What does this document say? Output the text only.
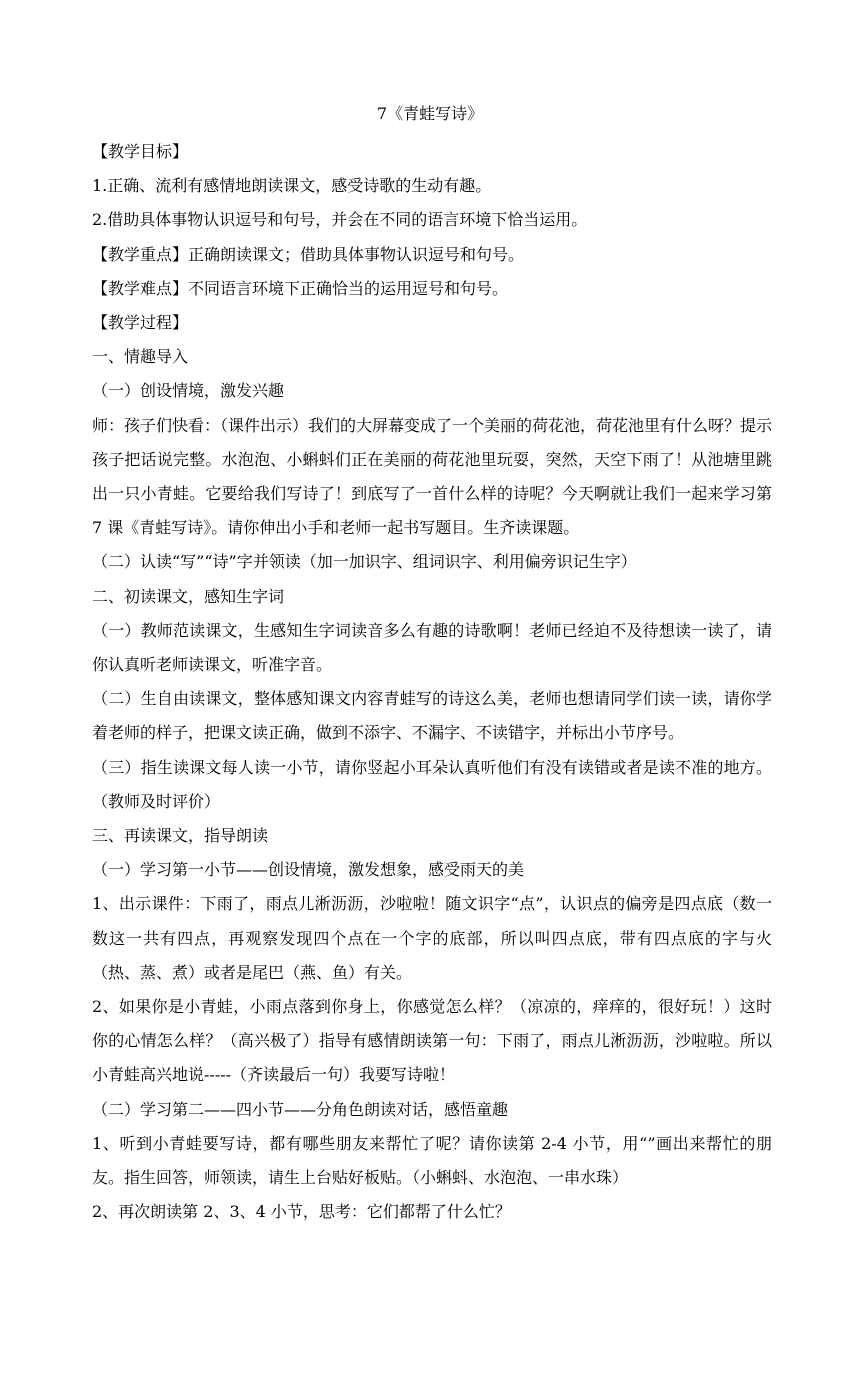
7《青蛙写诗》

【教学目标】

1.正确、流利有感情地朗读课文，感受诗歌的生动有趣。

2.借助具体事物认识逗号和句号，并会在不同的语言环境下恰当运用。

【教学重点】正确朗读课文；借助具体事物认识逗号和句号。

【教学难点】不同语言环境下正确恰当的运用逗号和句号。

【教学过程】

一、情趣导入

（一）创设情境，激发兴趣

师：孩子们快看：（课件出示）我们的大屏幕变成了一个美丽的荷花池，荷花池里有什么呀？提示孩子把话说完整。水泡泡、小蝌蚪们正在美丽的荷花池里玩耍，突然，天空下雨了！从池塘里跳出一只小青蛙。它要给我们写诗了！到底写了一首什么样的诗呢？今天啊就让我们一起来学习第 7 课《青蛙写诗》。请你伸出小手和老师一起书写题目。生齐读课题。

（二）认读“写”“诗”字并领读（加一加识字、组词识字、利用偏旁识记生字）

二、初读课文，感知生字词

（一）教师范读课文，生感知生字词读音多么有趣的诗歌啊！老师已经迫不及待想读一读了，请你认真听老师读课文，听准字音。

（二）生自由读课文，整体感知课文内容青蛙写的诗这么美，老师也想请同学们读一读，请你学着老师的样子，把课文读正确，做到不添字、不漏字、不读错字，并标出小节序号。

（三）指生读课文每人读一小节，请你竖起小耳朵认真听他们有没有读错或者是读不准的地方。（教师及时评价）

三、再读课文，指导朗读

（一）学习第一小节——创设情境，激发想象，感受雨天的美

1、出示课件：下雨了，雨点儿淅沥沥，沙啦啦！随文识字“点”，认识点的偏旁是四点底（数一数这一共有四点，再观察发现四个点在一个字的底部，所以叫四点底，带有四点底的字与火（热、蒸、煮）或者是尾巴（燕、鱼）有关。

2、如果你是小青蛙，小雨点落到你身上，你感觉怎么样？（凉凉的，痒痒的，很好玩！）这时你的心情怎么样？（高兴极了）指导有感情朗读第一句：下雨了，雨点儿淅沥沥，沙啦啦。所以小青蛙高兴地说-----（齐读最后一句）我要写诗啦！

（二）学习第二——四小节——分角色朗读对话，感悟童趣

1、听到小青蛙要写诗，都有哪些朋友来帮忙了呢？请你读第 2-4 小节，用“”画出来帮忙的朋友。指生回答，师领读，请生上台贴好板贴。（小蝌蚪、水泡泡、一串水珠）

2、再次朗读第 2、3、4 小节，思考：它们都帮了什么忙？
